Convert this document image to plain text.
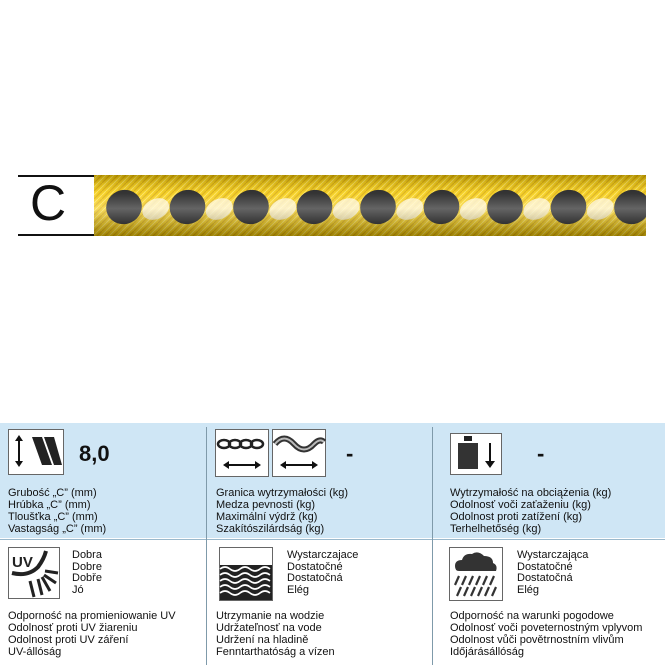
C
8,0
Grubość „C” (mm)
Hrúbka „C” (mm)
Tloušťka „C” (mm)
Vastagság „C” (mm)
-
Granica wytrzymałości (kg)
Medza pevnosti (kg)
Maximální výdrž (kg)
Szakítószilárdság (kg)
-
Wytrzymałość na obciążenia (kg)
Odolnosť voči zaťaženiu (kg)
Odolnost proti zatížení (kg)
Terhelhetőség (kg)
UV	Dobra
Dobre
Dobře
Jó
Odporność na promieniowanie UV
Odolnosť proti UV žiareniu
Odolnost proti UV záření
UV-állóság
Wystarczajace
Dostatočné
Dostatočná
Elég
Utrzymanie na wodzie
Udržateľnosť na vode
Udržení na hladině
Fenntarthatóság a vízen
Wystarczająca
Dostatočné
Dostatočná
Elég
Odporność na warunki pogodowe
Odolnosť voči poveternostným vplyvom
Odolnost vůči povětrnostním vlivům
Időjárásállóság
